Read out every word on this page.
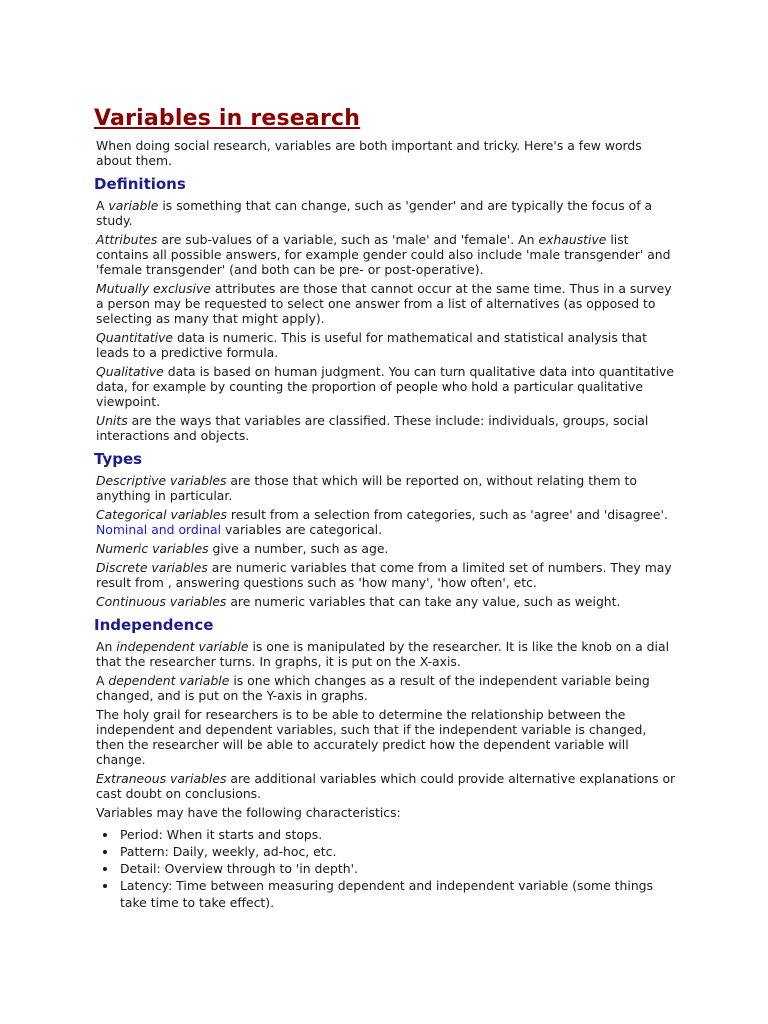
Variables in research

When doing social research, variables are both important and tricky. Here's a few words about them.

Definitions

A variable is something that can change, such as 'gender' and are typically the focus of a study.

Attributes are sub-values of a variable, such as 'male' and 'female'. An exhaustive list contains all possible answers, for example gender could also include 'male transgender' and 'female transgender' (and both can be pre- or post-operative).

Mutually exclusive attributes are those that cannot occur at the same time. Thus in a survey a person may be requested to select one answer from a list of alternatives (as opposed to selecting as many that might apply).

Quantitative data is numeric. This is useful for mathematical and statistical analysis that leads to a predictive formula.

Qualitative data is based on human judgment. You can turn qualitative data into quantitative data, for example by counting the proportion of people who hold a particular qualitative viewpoint.

Units are the ways that variables are classified. These include: individuals, groups, social interactions and objects.

Types

Descriptive variables are those that which will be reported on, without relating them to anything in particular.

Categorical variables result from a selection from categories, such as 'agree' and 'disagree'. Nominal and ordinal variables are categorical.

Numeric variables give a number, such as age.

Discrete variables are numeric variables that come from a limited set of numbers. They may result from , answering questions such as 'how many', 'how often', etc.

Continuous variables are numeric variables that can take any value, such as weight.

Independence

An independent variable is one is manipulated by the researcher. It is like the knob on a dial that the researcher turns. In graphs, it is put on the X-axis.

A dependent variable is one which changes as a result of the independent variable being changed, and is put on the Y-axis in graphs.

The holy grail for researchers is to be able to determine the relationship between the independent and dependent variables, such that if the independent variable is changed, then the researcher will be able to accurately predict how the dependent variable will change.

Extraneous variables are additional variables which could provide alternative explanations or cast doubt on conclusions.

Variables may have the following characteristics:

• Period: When it starts and stops.
• Pattern: Daily, weekly, ad-hoc, etc.
• Detail: Overview through to 'in depth'.
• Latency: Time between measuring dependent and independent variable (some things take time to take effect).
